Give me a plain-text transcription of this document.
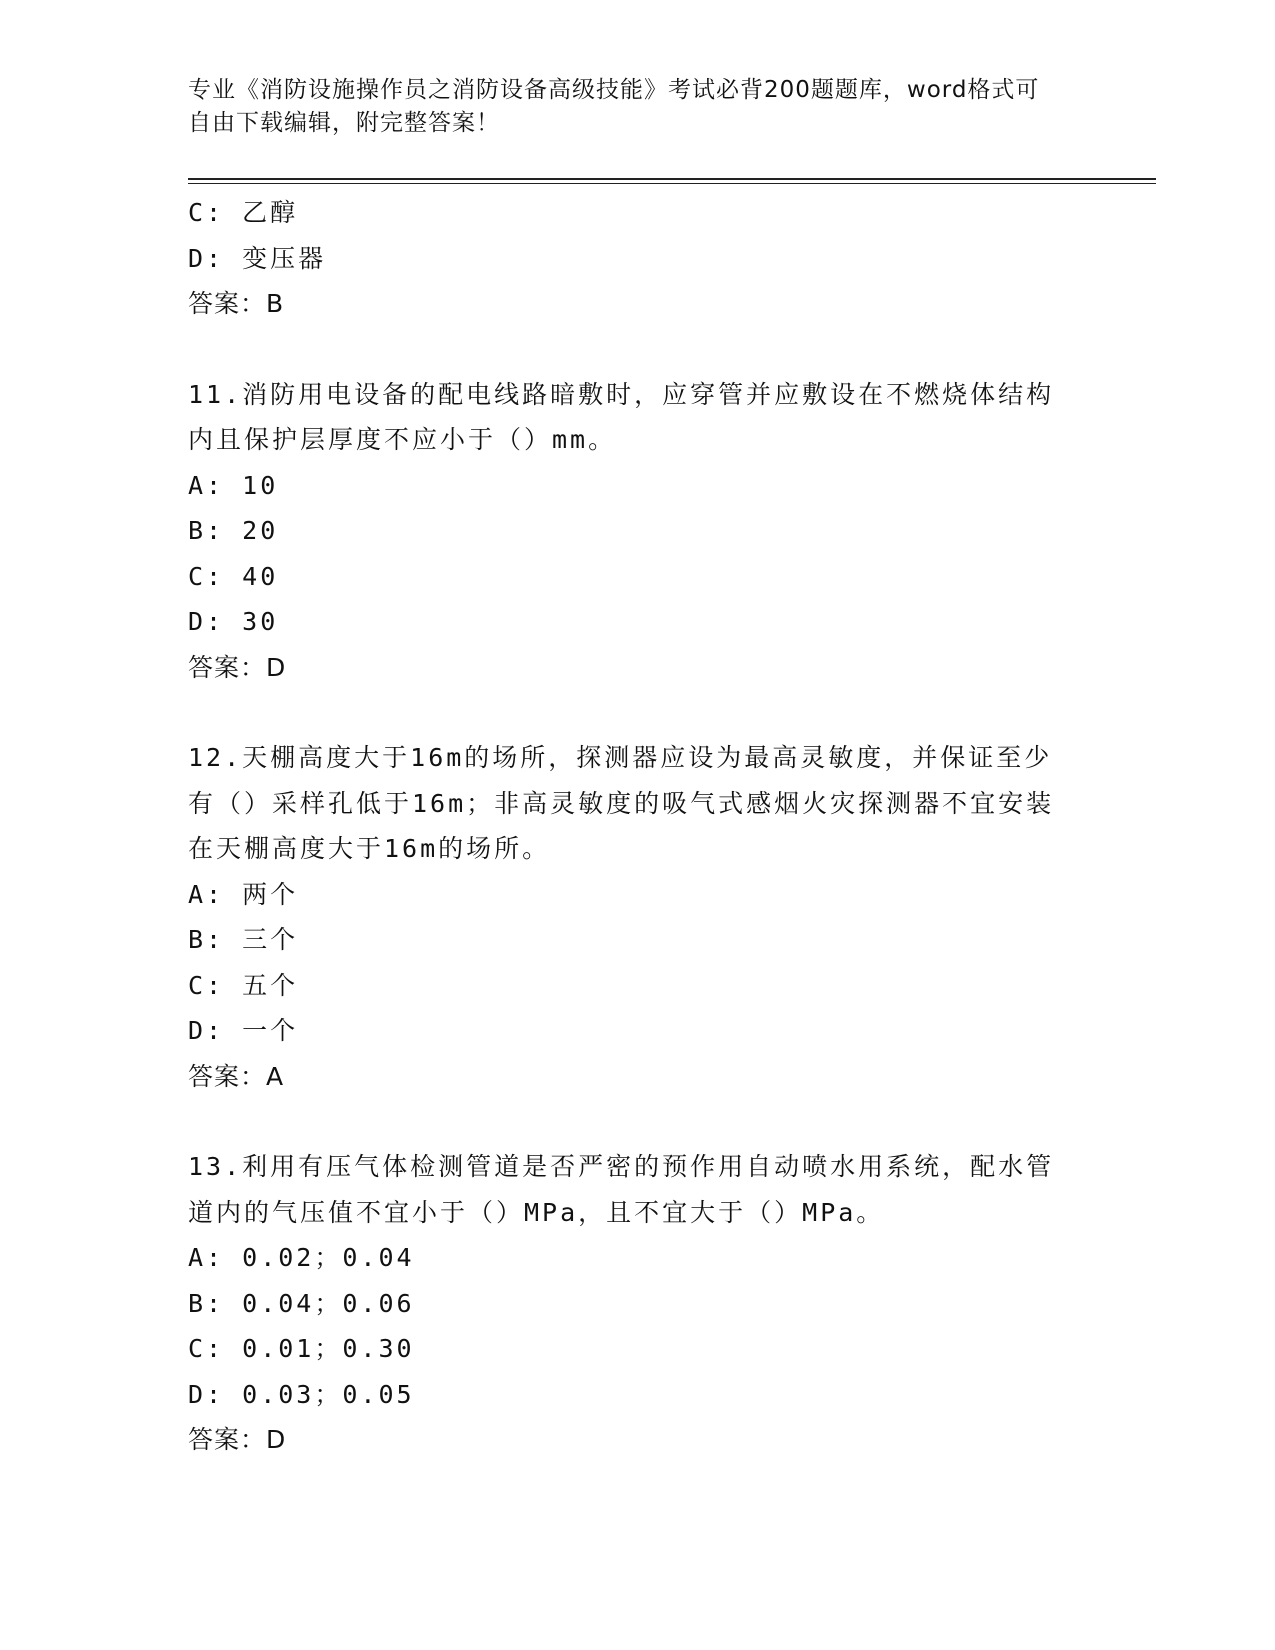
专业《消防设施操作员之消防设备高级技能》考试必背200题题库，word格式可
自由下载编辑，附完整答案！
C: 乙醇
D: 变压器
答案：B
11.消防用电设备的配电线路暗敷时，应穿管并应敷设在不燃烧体结构
内且保护层厚度不应小于（）mm。
A: 10
B: 20
C: 40
D: 30
答案：D
12.天棚高度大于16m的场所，探测器应设为最高灵敏度，并保证至少
有（）采样孔低于16m；非高灵敏度的吸气式感烟火灾探测器不宜安装
在天棚高度大于16m的场所。
A: 两个
B: 三个
C: 五个
D: 一个
答案：A
13.利用有压气体检测管道是否严密的预作用自动喷水用系统，配水管
道内的气压值不宜小于（）MPa，且不宜大于（）MPa。
A: 0.02；0.04
B: 0.04；0.06
C: 0.01；0.30
D: 0.03；0.05
答案：D
